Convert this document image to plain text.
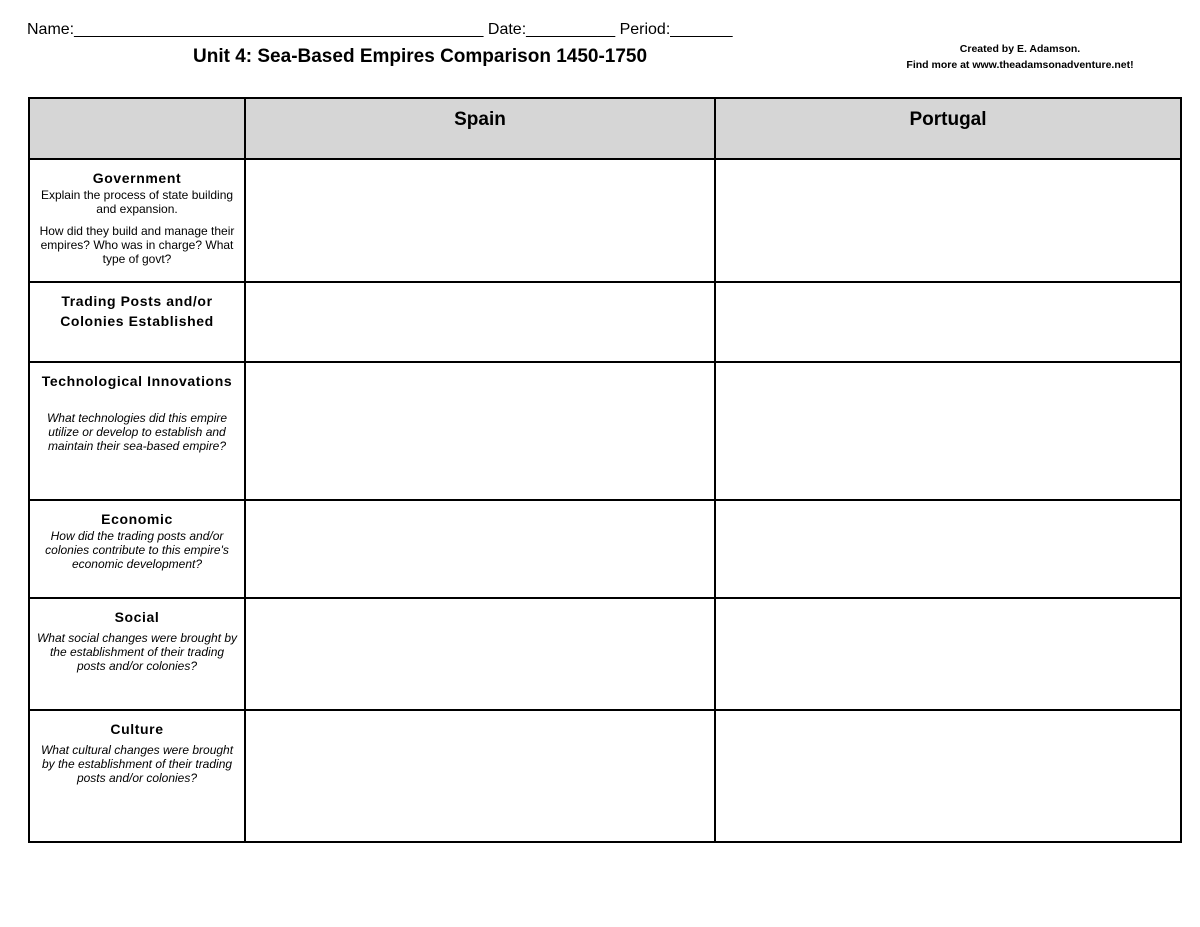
Name:______________________________________________ Date:__________ Period:_______
Unit 4: Sea-Based Empires Comparison 1450-1750	Created by E. Adamson.
Find more at www.theadamsonadventure.net!
	Spain	Portugal

Government
Explain the process of state building and expansion.
How did they build and manage their empires? Who was in charge? What type of govt?		

Trading Posts and/or Colonies Established		

Technological Innovations
What technologies did this empire utilize or develop to establish and maintain their sea-based empire?		

Economic
How did the trading posts and/or colonies contribute to this empire's economic development?		

Social
What social changes were brought by the establishment of their trading posts and/or colonies?		

Culture
What cultural changes were brought by the establishment of their trading posts and/or colonies?		
